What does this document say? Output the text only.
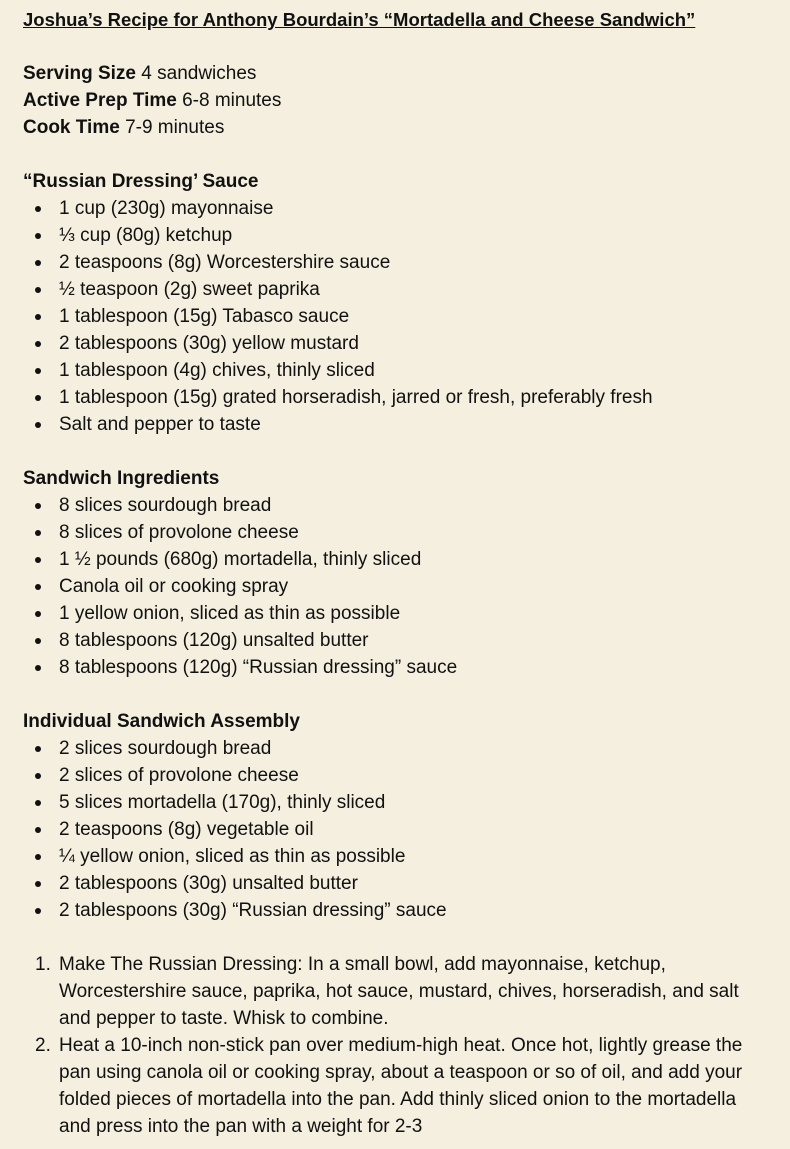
Joshua’s Recipe for Anthony Bourdain’s “Mortadella and Cheese Sandwich”
Serving Size 4 sandwiches
Active Prep Time 6-8 minutes
Cook Time 7-9 minutes
“Russian Dressing’ Sauce
1 cup (230g) mayonnaise
⅓ cup (80g) ketchup
2 teaspoons (8g) Worcestershire sauce
½ teaspoon (2g) sweet paprika
1 tablespoon (15g) Tabasco sauce
2 tablespoons (30g) yellow mustard
1 tablespoon (4g) chives, thinly sliced
1 tablespoon (15g) grated horseradish, jarred or fresh, preferably fresh
Salt and pepper to taste
Sandwich Ingredients
8 slices sourdough bread
8 slices of provolone cheese
1 ½ pounds (680g) mortadella, thinly sliced
Canola oil or cooking spray
1 yellow onion, sliced as thin as possible
8 tablespoons (120g) unsalted butter
8 tablespoons (120g) “Russian dressing” sauce
Individual Sandwich Assembly
2 slices sourdough bread
2 slices of provolone cheese
5 slices mortadella (170g), thinly sliced
2 teaspoons (8g) vegetable oil
¼ yellow onion, sliced as thin as possible
2 tablespoons (30g) unsalted butter
2 tablespoons (30g) “Russian dressing” sauce
1. Make The Russian Dressing: In a small bowl, add mayonnaise, ketchup, Worcestershire sauce, paprika, hot sauce, mustard, chives, horseradish, and salt and pepper to taste. Whisk to combine.
2. Heat a 10-inch non-stick pan over medium-high heat. Once hot, lightly grease the pan using canola oil or cooking spray, about a teaspoon or so of oil, and add your folded pieces of mortadella into the pan. Add thinly sliced onion to the mortadella and press into the pan with a weight for 2-3
